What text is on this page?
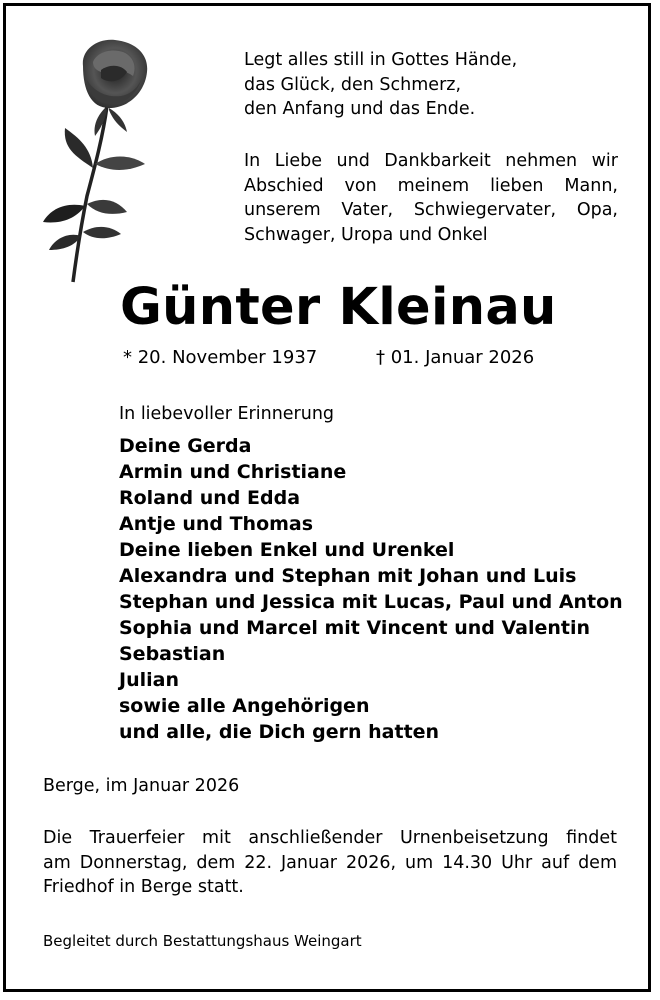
Legt alles still in Gottes Hände,
das Glück, den Schmerz,
den Anfang und das Ende.
In Liebe und Dankbarkeit nehmen wir
Abschied von meinem lieben Mann,
unserem Vater, Schwiegervater, Opa,
Schwager, Uropa und Onkel
Günter Kleinau
* 20. November 1937	† 01. Januar 2026
In liebevoller Erinnerung
Deine Gerda
Armin und Christiane
Roland und Edda
Antje und Thomas
Deine lieben Enkel und Urenkel
Alexandra und Stephan mit Johan und Luis
Stephan und Jessica mit Lucas, Paul und Anton
Sophia und Marcel mit Vincent und Valentin
Sebastian
Julian
sowie alle Angehörigen
und alle, die Dich gern hatten
Berge, im Januar 2026
Die Trauerfeier mit anschließender Urnenbeisetzung findet
am Donnerstag, dem 22. Januar 2026, um 14.30 Uhr auf dem
Friedhof in Berge statt.
Begleitet durch Bestattungshaus Weingart
